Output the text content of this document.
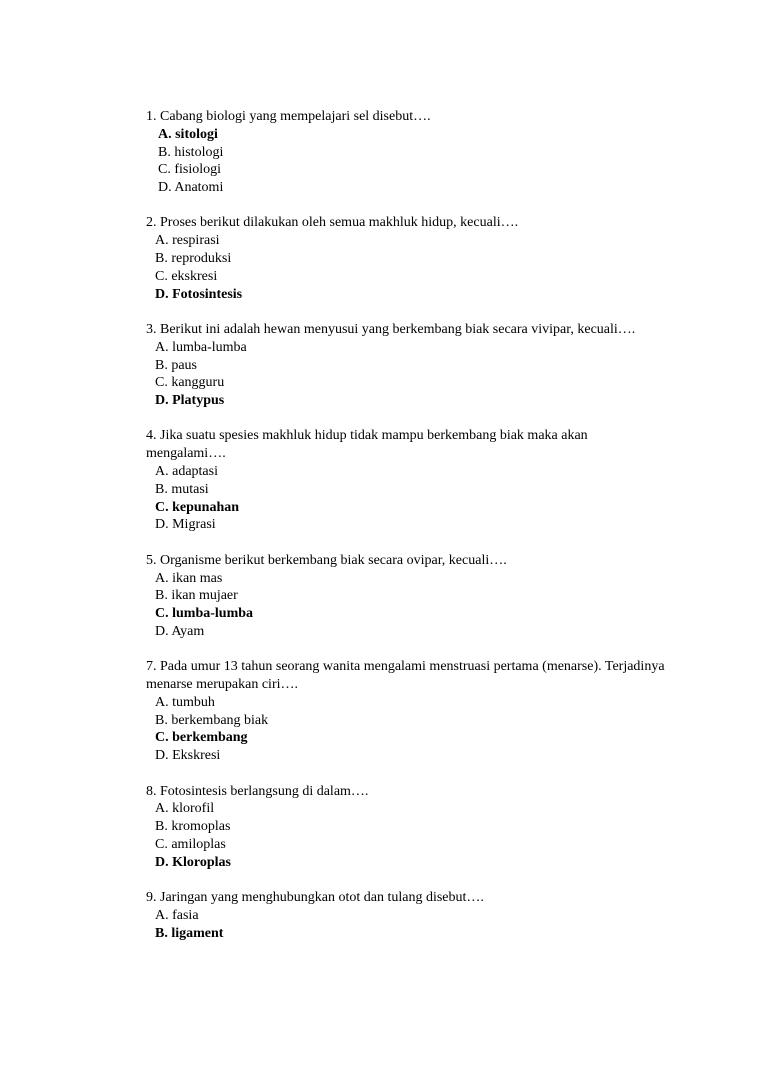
1. Cabang biologi yang mempelajari sel disebut….

A. sitologi
B. histologi
C. fisiologi
D. Anatomi

2. Proses berikut dilakukan oleh semua makhluk hidup, kecuali….

A. respirasi
B. reproduksi
C. ekskresi
D. Fotosintesis

3. Berikut ini adalah hewan menyusui yang berkembang biak secara vivipar, kecuali….

A. lumba-lumba
B. paus
C. kangguru
D. Platypus

4. Jika suatu spesies makhluk hidup tidak mampu berkembang biak maka akan mengalami….

A. adaptasi
B. mutasi
C. kepunahan
D. Migrasi

5. Organisme berikut berkembang biak secara ovipar, kecuali….

A. ikan mas
B. ikan mujaer
C. lumba-lumba
D. Ayam

7. Pada umur 13 tahun seorang wanita mengalami menstruasi pertama (menarse). Terjadinya menarse merupakan ciri….

A. tumbuh
B. berkembang biak
C. berkembang
D. Ekskresi

8. Fotosintesis berlangsung di dalam….

A. klorofil
B. kromoplas
C. amiloplas
D. Kloroplas

9. Jaringan yang menghubungkan otot dan tulang disebut….

A. fasia
B. ligament
